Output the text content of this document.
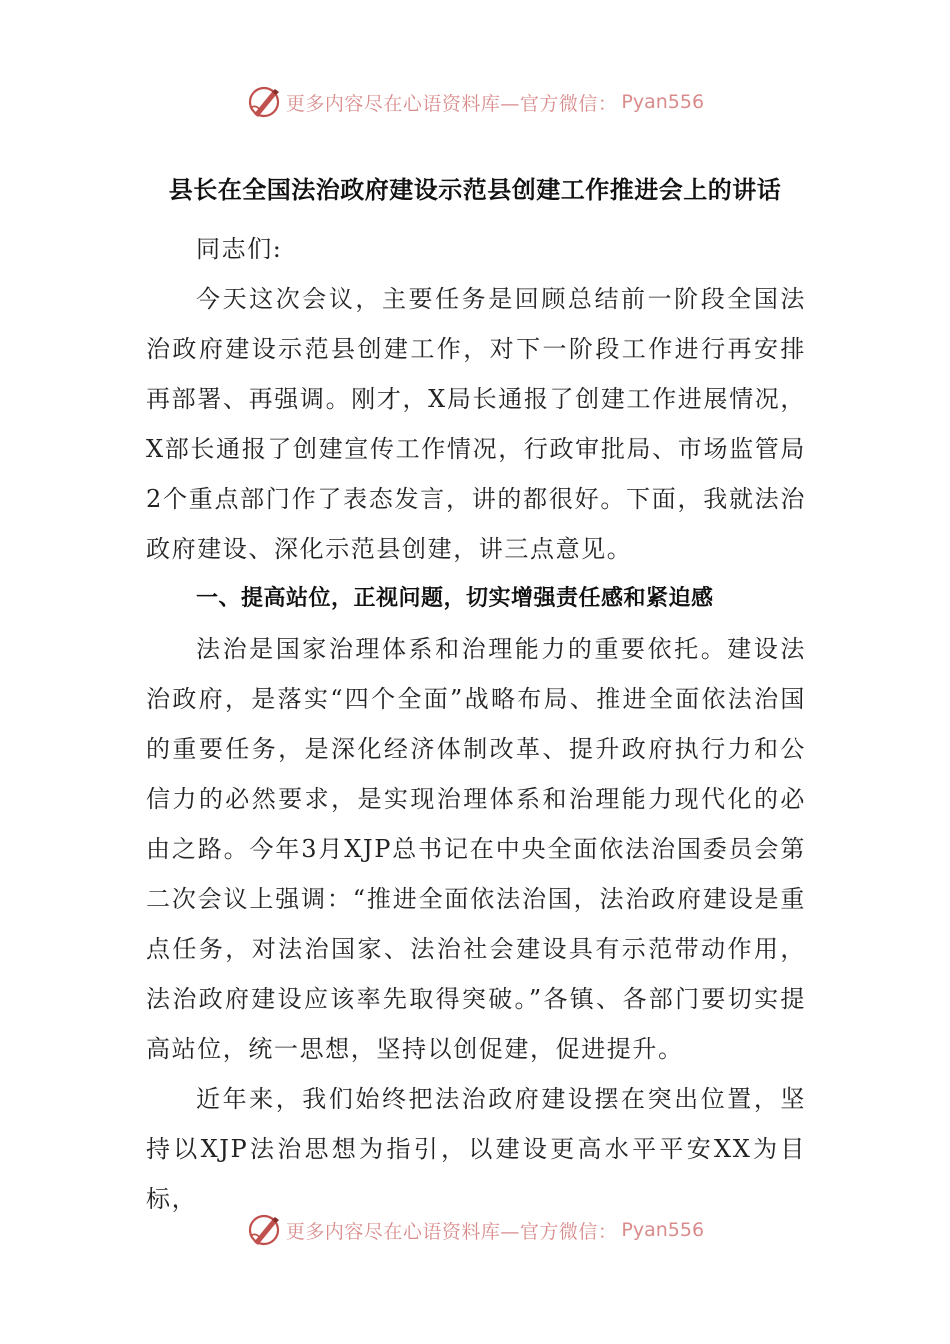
更多内容尽在心语资料库—官方微信： Pyan556
县长在全国法治政府建设示范县创建工作推进会上的讲话

同志们:

今天这次会议，主要任务是回顾总结前一阶段全国法治政府建设示范县创建工作，对下一阶段工作进行再安排再部署、再强调。刚才，X局长通报了创建工作进展情况，X部长通报了创建宣传工作情况，行政审批局、市场监管局2个重点部门作了表态发言，讲的都很好。下面，我就法治政府建设、深化示范县创建，讲三点意见。

一、提高站位，正视问题，切实增强责任感和紧迫感

法治是国家治理体系和治理能力的重要依托。建设法治政府，是落实“四个全面”战略布局、推进全面依法治国的重要任务，是深化经济体制改革、提升政府执行力和公信力的必然要求，是实现治理体系和治理能力现代化的必由之路。今年3月XJP总书记在中央全面依法治国委员会第二次会议上强调：“推进全面依法治国，法治政府建设是重点任务，对法治国家、法治社会建设具有示范带动作用，法治政府建设应该率先取得突破。”各镇、各部门要切实提高站位，统一思想，坚持以创促建，促进提升。

近年来，我们始终把法治政府建设摆在突出位置，坚持以XJP法治思想为指引，以建设更高水平平安XX为目标，

更多内容尽在心语资料库—官方微信： Pyan556
